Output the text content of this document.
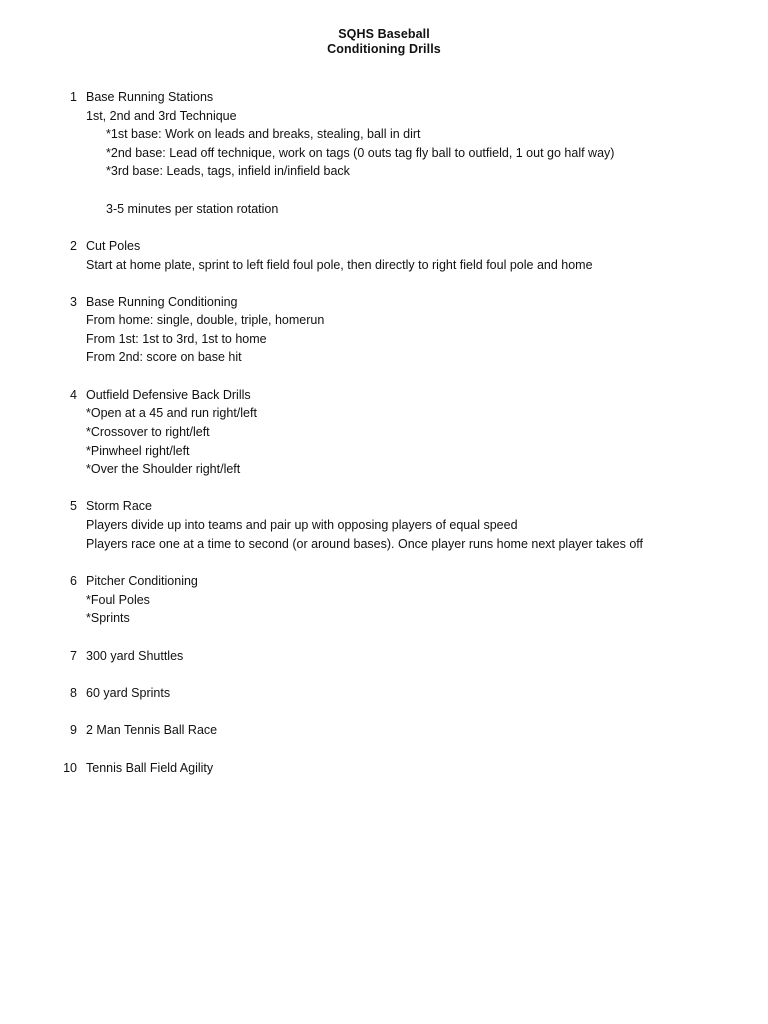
SQHS Baseball
Conditioning Drills
1 Base Running Stations
1st, 2nd and 3rd Technique
*1st base: Work on leads and breaks, stealing, ball in dirt
*2nd base: Lead off technique, work on tags (0 outs tag fly ball to outfield, 1 out go half way)
*3rd base: Leads, tags, infield in/infield back
3-5 minutes per station rotation
2 Cut Poles
Start at home plate, sprint to left field foul pole, then directly to right field foul pole and home
3 Base Running Conditioning
From home: single, double, triple, homerun
From 1st: 1st to 3rd, 1st to home
From 2nd: score on base hit
4 Outfield Defensive Back Drills
*Open at a 45 and run right/left
*Crossover to right/left
*Pinwheel right/left
*Over the Shoulder right/left
5 Storm Race
Players divide up into teams and pair up with opposing players of equal speed
Players race one at a time to second (or around bases). Once player runs home next player takes off
6 Pitcher Conditioning
*Foul Poles
*Sprints
7 300 yard Shuttles
8 60 yard Sprints
9 2 Man Tennis Ball Race
10 Tennis Ball Field Agility
